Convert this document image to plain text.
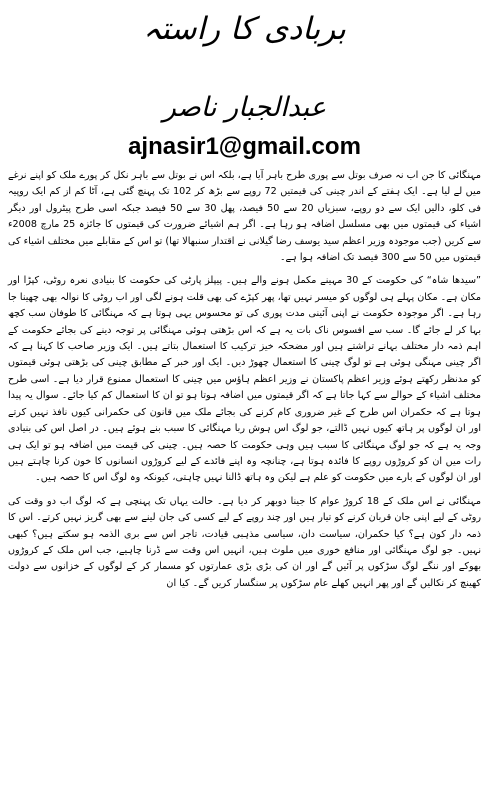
بربادی کا راستہ
عبدالجبار ناصر
ajnasir1@gmail.com

مہنگائی کا جن اب نہ صرف بوتل سے پوری طرح باہر آیا ہے، بلکہ اس نے بوتل سے باہر نکل کر پورے ملک کو اپنے نرغے میں لے لیا ہے۔ ایک ہفتے کے اندر چینی کی قیمتیں 72 روپے سے بڑھ کر 102 تک پہنچ گئی ہے، آٹا کم از کم ایک روپیہ فی کلو، دالیں ایک سے دو روپے، سبزیاں 20 سے 50 فیصد، پھل 30 سے 50 فیصد جبکہ اسی طرح پیٹرول اور دیگر اشیاء کی قیمتوں میں بھی مسلسل اضافہ ہو رہا ہے۔ اگر ہم اشیائے ضرورت کی قیمتوں کا جائزہ 25 مارچ 2008ء سے کریں (جب موجودہ وزیر اعظم سید یوسف رضا گیلانی نے اقتدار سنبھالا تھا) تو اس کے مقابلے میں مختلف اشیاء کی قیمتوں میں 50 سے 300 فیصد تک اضافہ ہوا ہے۔

”سیدھا شاہ“ کی حکومت کے 30 مہینے مکمل ہونے والے ہیں۔ پیپلز پارٹی کی حکومت کا بنیادی نعرہ روٹی، کپڑا اور مکان ہے۔ مکان پہلے ہی لوگوں کو میسر نہیں تھا، پھر کپڑے کی بھی قلت ہونے لگی اور اب روٹی کا نوالہ بھی چھینا جا رہا ہے۔ اگر موجودہ حکومت نے اپنی آئینی مدت پوری کی تو محسوس یہی ہوتا ہے کہ مہنگائی کا طوفان سب کچھ بہا کر لے جائے گا۔ سب سے افسوس ناک بات یہ ہے کہ اس بڑھتی ہوئی مہنگائی پر توجہ دینے کی بجائے حکومت کے اہم ذمہ دار مختلف بہانے تراشتے ہیں اور مضحکہ خیز ترکیب کا استعمال بتاتے ہیں۔ ایک وزیر صاحب کا کہنا ہے کہ اگر چینی مہنگی ہوئی ہے تو لوگ چینی کا استعمال چھوڑ دیں۔ ایک اور خبر کے مطابق چینی کی بڑھتی ہوئی قیمتوں کو مدنظر رکھتے ہوئے وزیر اعظم پاکستان نے وزیر اعظم ہاؤس میں چینی کا استعمال ممنوع قرار دیا ہے۔ اسی طرح مختلف اشیاء کے حوالے سے کہا جاتا ہے کہ اگر قیمتوں میں اضافہ ہوتا ہو تو ان کا استعمال کم کیا جائے۔ سوال یہ پیدا ہوتا ہے کہ حکمران اس طرح کے غیر ضروری کام کرنے کی بجائے ملک میں قانون کی حکمرانی کیوں نافذ نہیں کرتے اور ان لوگوں پر ہاتھ کیوں نہیں ڈالتے، جو لوگ اس ہوش ربا مہنگائی کا سبب بنے ہوئے ہیں۔ در اصل اس کی بنیادی وجہ یہ ہے کہ جو لوگ مہنگائی کا سبب ہیں وہی حکومت کا حصہ ہیں۔ چینی کی قیمت میں اضافہ ہو تو ایک ہی رات میں ان کو کروڑوں روپے کا فائدہ ہوتا ہے، چنانچہ وہ اپنے فائدے کے لیے کروڑوں انسانوں کا خون کرنا چاہتے ہیں اور ان لوگوں کے بارے میں حکومت کو علم ہے لیکن وہ ہاتھ ڈالنا نہیں چاہتی، کیونکہ وہ لوگ اس کا حصہ ہیں۔

مہنگائی نے اس ملک کے 18 کروڑ عوام کا جینا دوبھر کر دیا ہے۔ حالت یہاں تک پہنچی ہے کہ لوگ اب دو وقت کی روٹی کے لیے اپنی جان قربان کرنے کو تیار ہیں اور چند روپے کے لیے کسی کی جان لینے سے بھی گریز نہیں کرتے۔ اس کا ذمہ دار کون ہے؟ کیا حکمران، سیاست دان، سیاسی مذہبی قیادت، تاجر اس سے بری الذمہ ہو سکتے ہیں؟ کبھی نہیں۔ جو لوگ مہنگائی اور منافع خوری میں ملوث ہیں، انہیں اس وقت سے ڈرنا چاہیے، جب اس ملک کے کروڑوں بھوکے اور ننگے لوگ سڑکوں پر آئیں گے اور ان کی بڑی بڑی عمارتوں کو مسمار کر کے لوگوں کے خزانوں سے دولت کھینچ کر نکالیں گے اور پھر انہیں کھلے عام سڑکوں پر سنگسار کریں گے۔ کیا ان
